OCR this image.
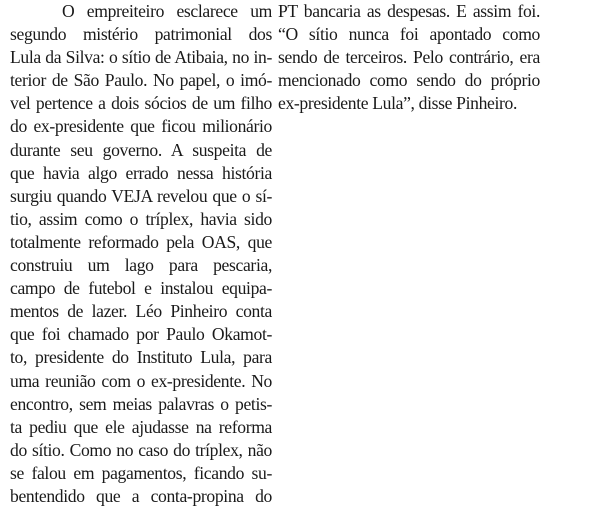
O empreiteiro esclarece um
segundo mistério patrimonial dos
Lula da Silva: o sítio de Atibaia, no in-
terior de São Paulo. No papel, o imó-
vel pertence a dois sócios de um filho
do ex-presidente que ficou milionário
durante seu governo. A suspeita de
que havia algo errado nessa história
surgiu quando VEJA revelou que o sí-
tio, assim como o tríplex, havia sido
totalmente reformado pela OAS, que
construiu um lago para pescaria,
campo de futebol e instalou equipa-
mentos de lazer. Léo Pinheiro conta
que foi chamado por Paulo Okamot-
to, presidente do Instituto Lula, para
uma reunião com o ex-presidente. No
encontro, sem meias palavras o petis-
ta pediu que ele ajudasse na reforma
do sítio. Como no caso do tríplex, não
se falou em pagamentos, ficando su-
bentendido que a conta-propina do
PT bancaria as despesas. E assim foi.
“O sítio nunca foi apontado como
sendo de terceiros. Pelo contrário, era
mencionado como sendo do próprio
ex-presidente Lula”, disse Pinheiro.
